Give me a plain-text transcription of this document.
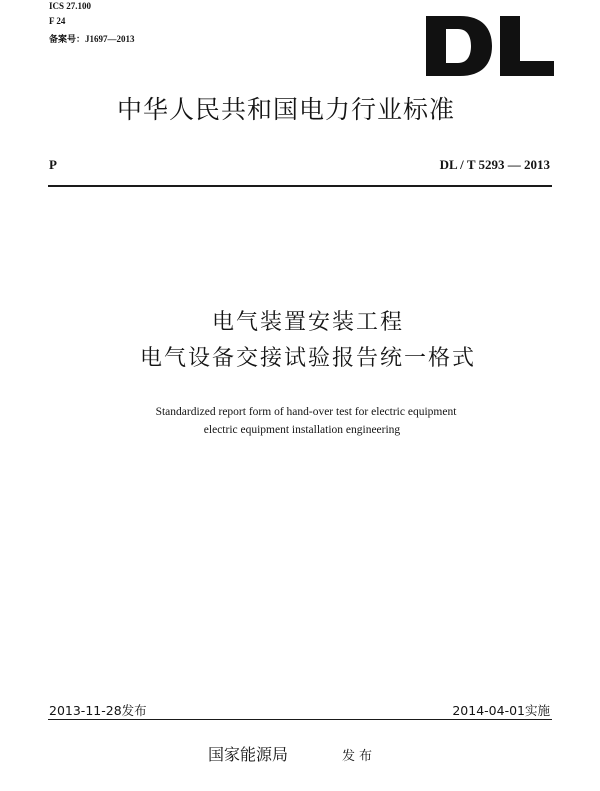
ICS 27.100
F 24
备案号：J1697—2013
中华人民共和国电力行业标准
P	DL / T 5293 — 2013
电气装置安装工程
电气设备交接试验报告统一格式
Standardized report form of hand-over test for electric equipment
electric equipment installation engineering
2013-11-28发布	2014-04-01实施
国家能源局	发布
